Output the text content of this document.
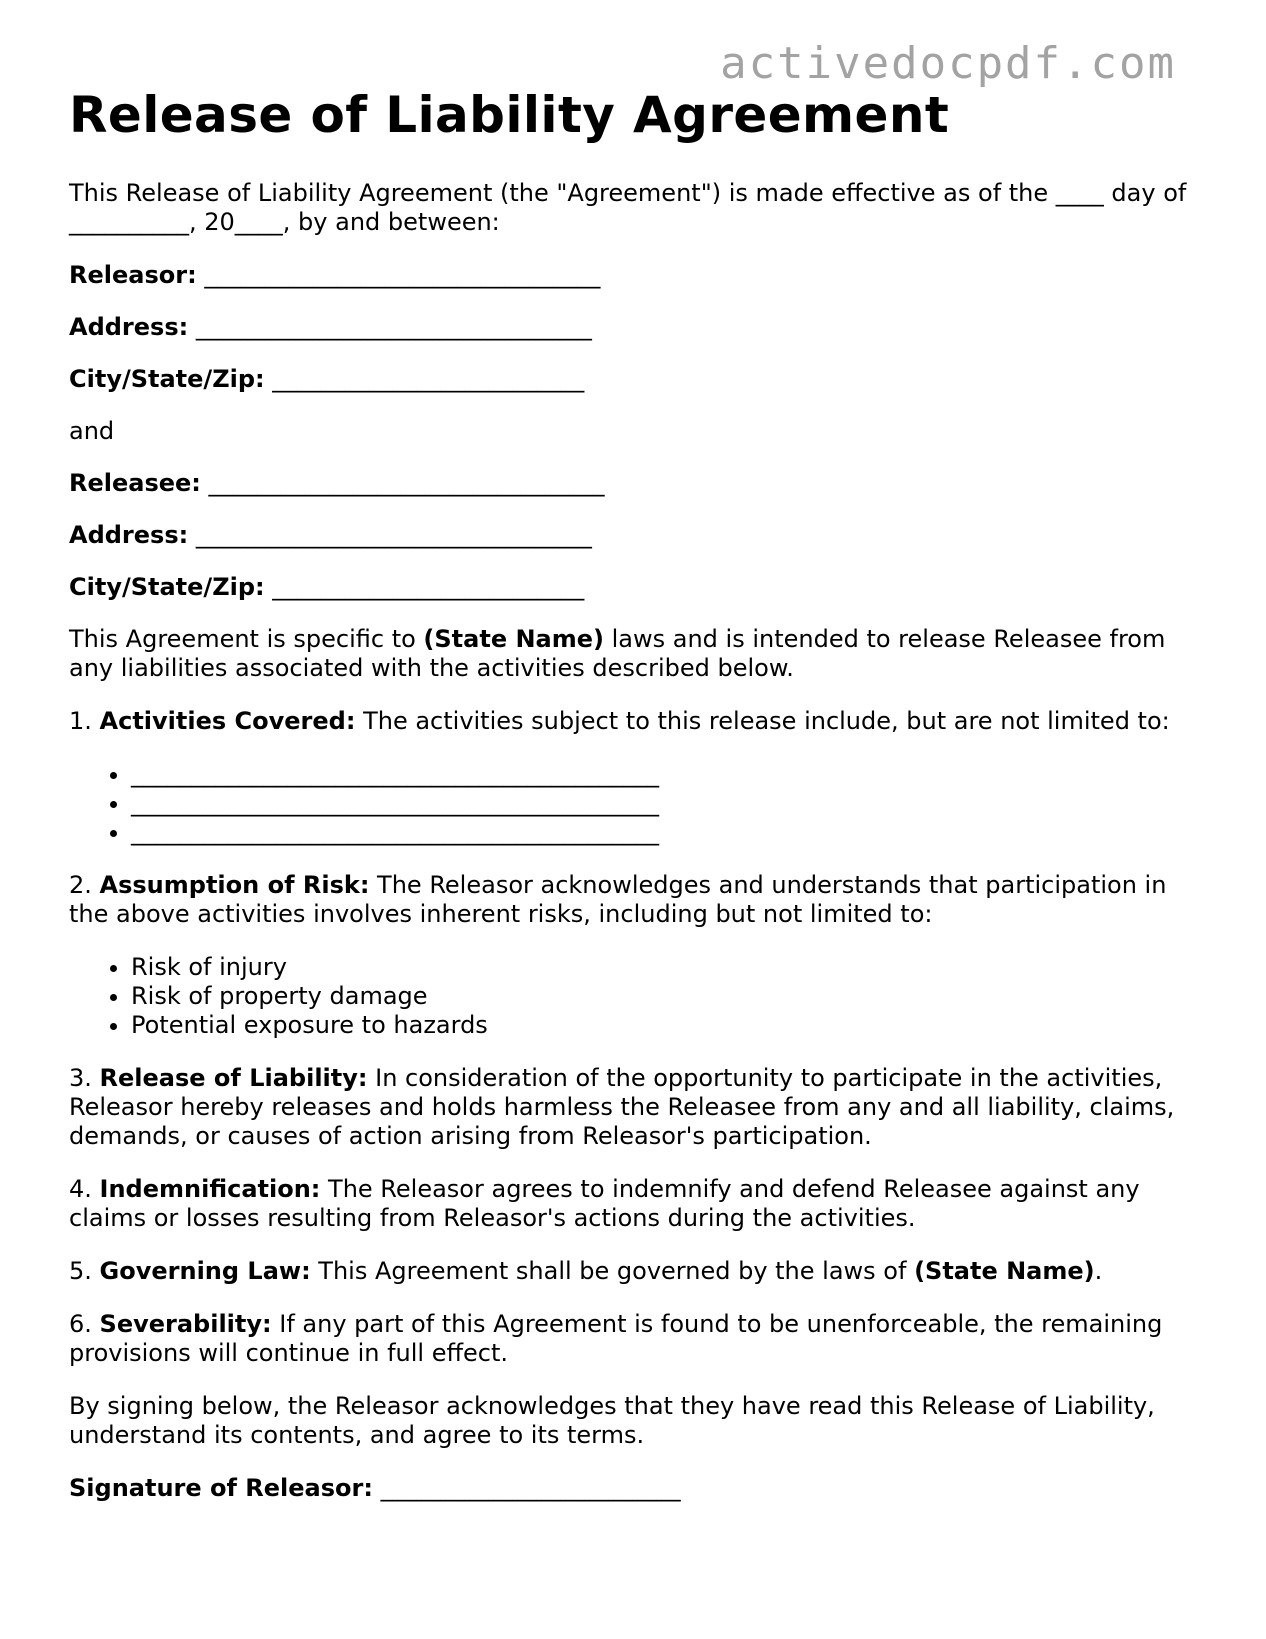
activedocpdf.com
Release of Liability Agreement

This Release of Liability Agreement (the "Agreement") is made effective as of the ____ day of __________, 20____, by and between:

Releasor: _________________________________
Address: _________________________________
City/State/Zip: __________________________
and
Releasee: _________________________________
Address: _________________________________
City/State/Zip: __________________________

This Agreement is specific to (State Name) laws and is intended to release Releasee from any liabilities associated with the activities described below.

1. Activities Covered: The activities subject to this release include, but are not limited to:

• ____________________________________________
• ____________________________________________
• ____________________________________________

2. Assumption of Risk: The Releasor acknowledges and understands that participation in the above activities involves inherent risks, including but not limited to:

• Risk of injury
• Risk of property damage
• Potential exposure to hazards

3. Release of Liability: In consideration of the opportunity to participate in the activities, Releasor hereby releases and holds harmless the Releasee from any and all liability, claims, demands, or causes of action arising from Releasor's participation.

4. Indemnification: The Releasor agrees to indemnify and defend Releasee against any claims or losses resulting from Releasor's actions during the activities.

5. Governing Law: This Agreement shall be governed by the laws of (State Name).

6. Severability: If any part of this Agreement is found to be unenforceable, the remaining provisions will continue in full effect.

By signing below, the Releasor acknowledges that they have read this Release of Liability, understand its contents, and agree to its terms.

Signature of Releasor: _________________________
